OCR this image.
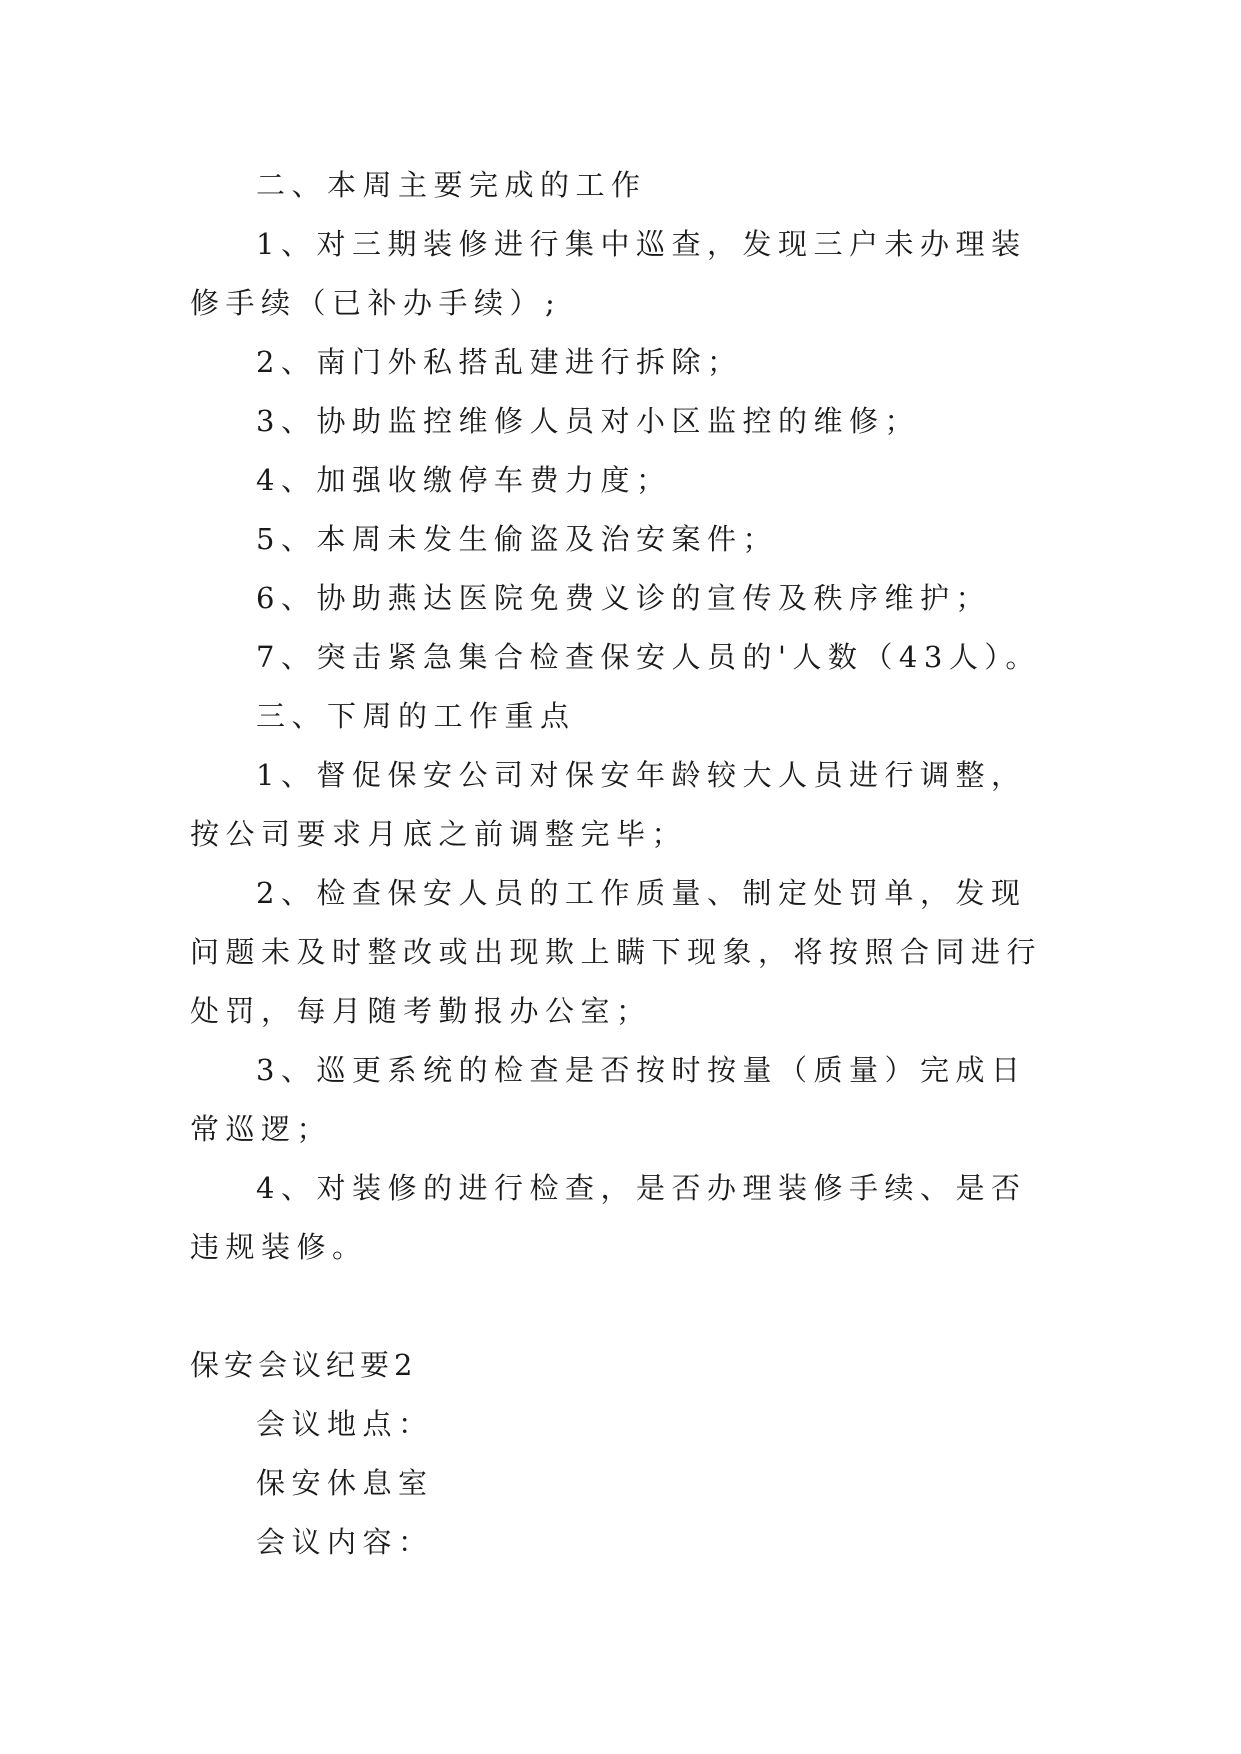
二、本周主要完成的工作

1、对三期装修进行集中巡查，发现三户未办理装修手续（已补办手续）;

2、南门外私搭乱建进行拆除；

3、协助监控维修人员对小区监控的维修；

4、加强收缴停车费力度；

5、本周未发生偷盗及治安案件；

6、协助燕达医院免费义诊的宣传及秩序维护；

7、突击紧急集合检查保安人员的'人数（43人）。

三、下周的工作重点

1、督促保安公司对保安年龄较大人员进行调整，按公司要求月底之前调整完毕；

2、检查保安人员的工作质量、制定处罚单，发现问题未及时整改或出现欺上瞒下现象，将按照合同进行处罚，每月随考勤报办公室；

3、巡更系统的检查是否按时按量（质量）完成日常巡逻；

4、对装修的进行检查，是否办理装修手续、是否违规装修。

保安会议纪要2

会议地点：

保安休息室

会议内容：
